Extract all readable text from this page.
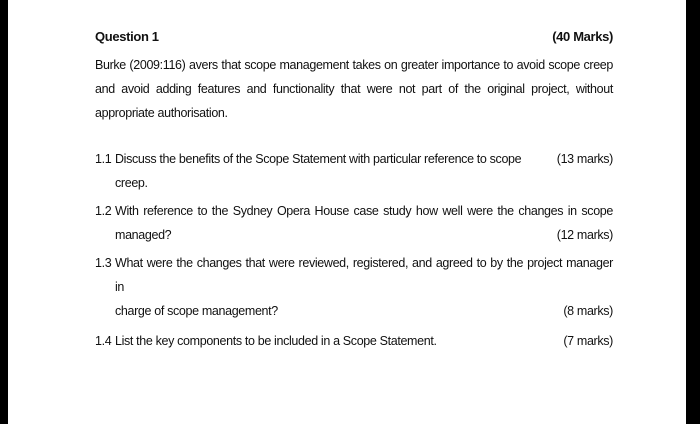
Question 1	(40 Marks)
Burke (2009:116) avers that scope management takes on greater importance to avoid scope creep and avoid adding features and functionality that were not part of the original project, without appropriate authorisation.
1.1 Discuss the benefits of the Scope Statement with particular reference to scope creep.
(13 marks)
1.2 With reference to the Sydney Opera House case study how well were the changes in scope
managed?	(12 marks)
1.3 What were the changes that were reviewed, registered, and agreed to by the project manager in
charge of scope management?	(8 marks)
1.4 List the key components to be included in a Scope Statement.	(7 marks)
